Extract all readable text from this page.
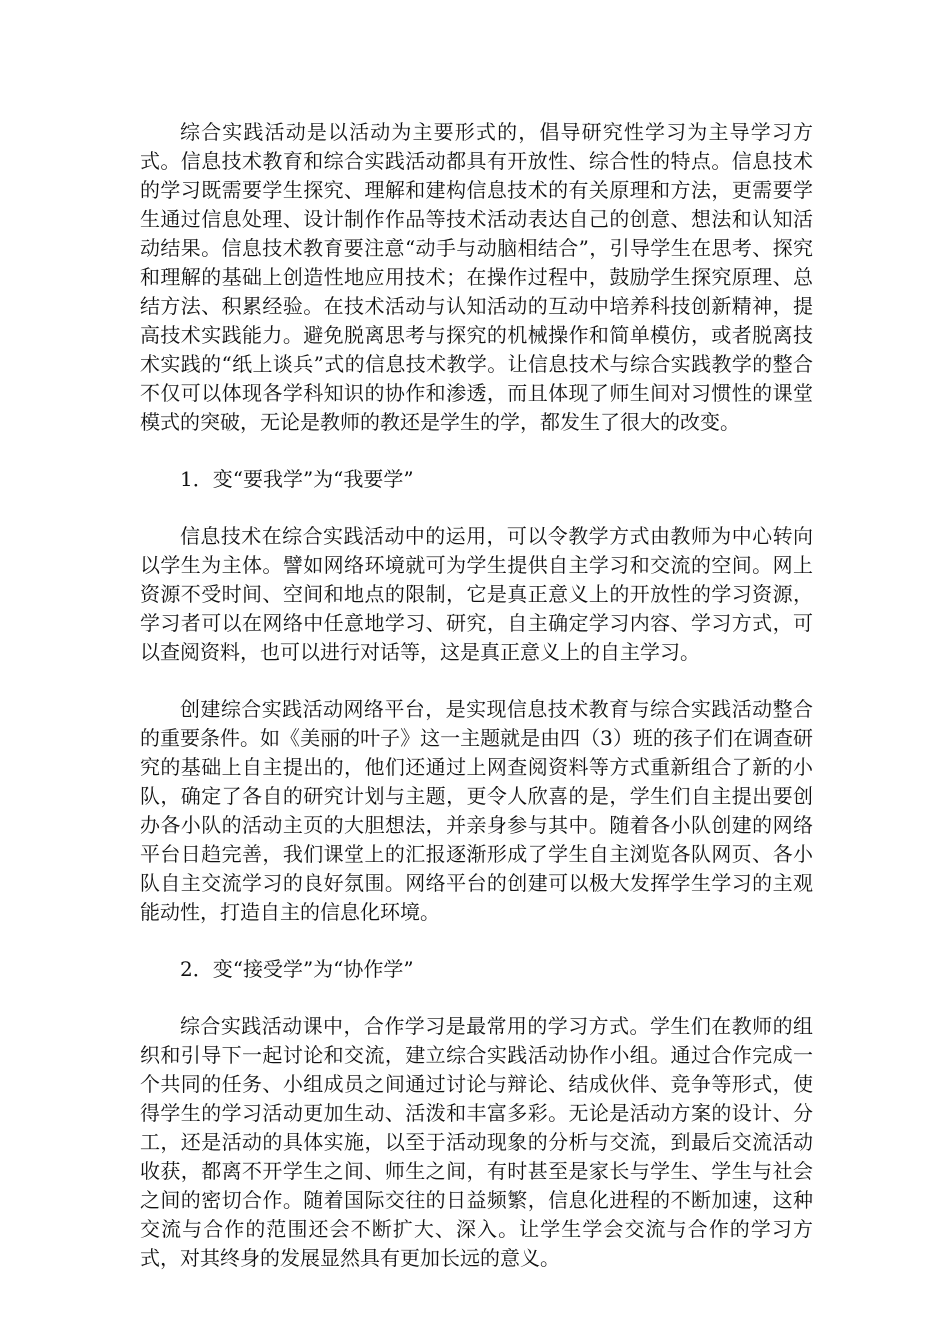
综合实践活动是以活动为主要形式的，倡导研究性学习为主导学习方式。信息技术教育和综合实践活动都具有开放性、综合性的特点。信息技术的学习既需要学生探究、理解和建构信息技术的有关原理和方法，更需要学生通过信息处理、设计制作作品等技术活动表达自己的创意、想法和认知活动结果。信息技术教育要注意“动手与动脑相结合”，引导学生在思考、探究和理解的基础上创造性地应用技术；在操作过程中，鼓励学生探究原理、总结方法、积累经验。在技术活动与认知活动的互动中培养科技创新精神，提高技术实践能力。避免脱离思考与探究的机械操作和简单模仿，或者脱离技术实践的“纸上谈兵”式的信息技术教学。让信息技术与综合实践教学的整合不仅可以体现各学科知识的协作和渗透，而且体现了师生间对习惯性的课堂模式的突破，无论是教师的教还是学生的学，都发生了很大的改变。

1．变“要我学”为“我要学”

信息技术在综合实践活动中的运用，可以令教学方式由教师为中心转向以学生为主体。譬如网络环境就可为学生提供自主学习和交流的空间。网上资源不受时间、空间和地点的限制，它是真正意义上的开放性的学习资源，学习者可以在网络中任意地学习、研究，自主确定学习内容、学习方式，可以查阅资料，也可以进行对话等，这是真正意义上的自主学习。

创建综合实践活动网络平台，是实现信息技术教育与综合实践活动整合的重要条件。如《美丽的叶子》这一主题就是由四（3）班的孩子们在调查研究的基础上自主提出的，他们还通过上网查阅资料等方式重新组合了新的小队，确定了各自的研究计划与主题，更令人欣喜的是，学生们自主提出要创办各小队的活动主页的大胆想法，并亲身参与其中。随着各小队创建的网络平台日趋完善，我们课堂上的汇报逐渐形成了学生自主浏览各队网页、各小队自主交流学习的良好氛围。网络平台的创建可以极大发挥学生学习的主观能动性，打造自主的信息化环境。

2．变“接受学”为“协作学”

综合实践活动课中，合作学习是最常用的学习方式。学生们在教师的组织和引导下一起讨论和交流，建立综合实践活动协作小组。通过合作完成一个共同的任务、小组成员之间通过讨论与辩论、结成伙伴、竞争等形式，使得学生的学习活动更加生动、活泼和丰富多彩。无论是活动方案的设计、分工，还是活动的具体实施，以至于活动现象的分析与交流，到最后交流活动收获，都离不开学生之间、师生之间，有时甚至是家长与学生、学生与社会之间的密切合作。随着国际交往的日益频繁，信息化进程的不断加速，这种交流与合作的范围还会不断扩大、深入。让学生学会交流与合作的学习方式，对其终身的发展显然具有更加长远的意义。
